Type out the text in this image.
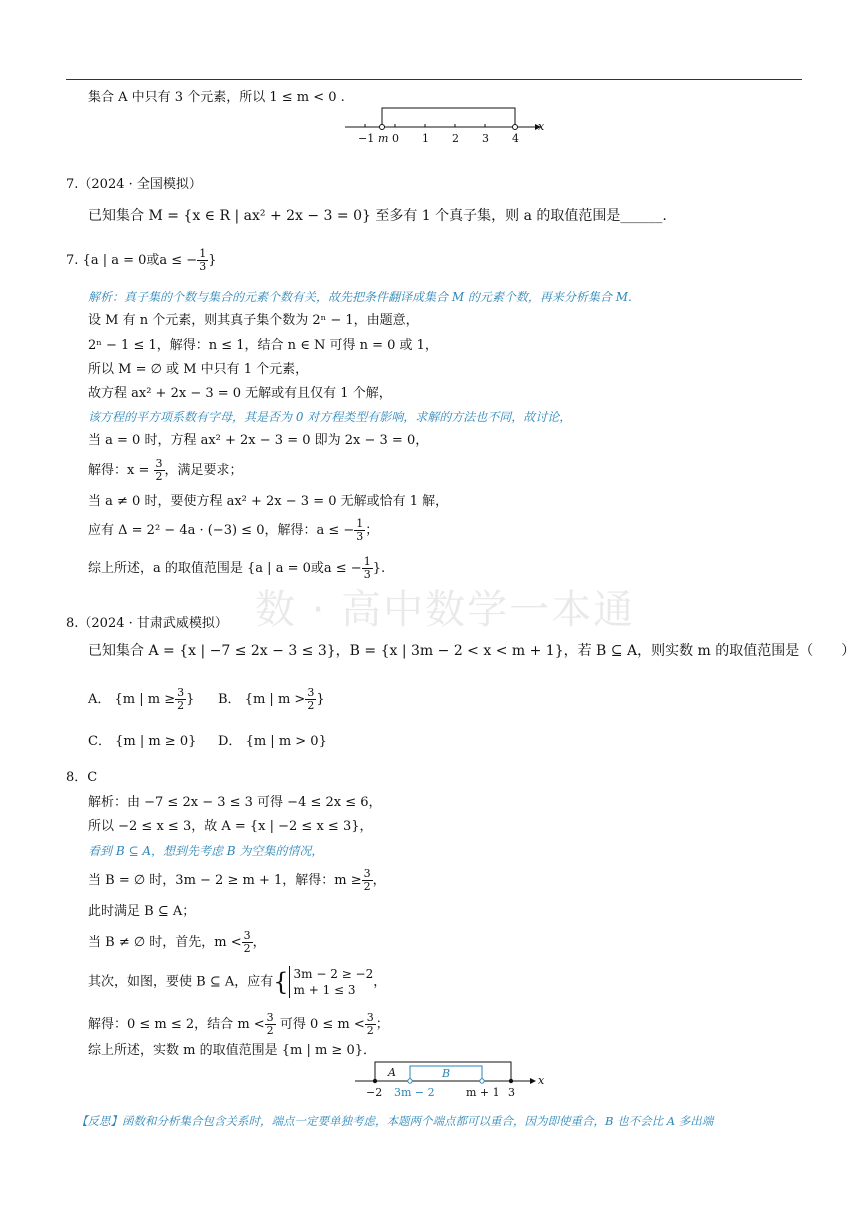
数 · 高中数学一本通
集合 A 中只有 3 个元素，所以 1 ≤ m < 0 .
−1 m 0 1 2 3 4
x
7.（2024 · 全国模拟）
已知集合 M = {x ∈ R | ax² + 2x − 3 = 0} 至多有 1 个真子集，则 a 的取值范围是______.
7. {a | a = 0或a ≤ − $\frac{1}{3}$ }
解析：真子集的个数与集合的元素个数有关，故先把条件翻译成集合 M 的元素个数，再来分析集合 M.
设 M 有 n 个元素，则其真子集个数为 2ⁿ − 1，由题意，
2ⁿ − 1 ≤ 1，解得：n ≤ 1，结合 n ∈ N 可得 n = 0 或 1，
所以 M = ∅ 或 M 中只有 1 个元素，
故方程 ax² + 2x − 3 = 0 无解或有且仅有 1 个解，
该方程的平方项系数有字母，其是否为 0 对方程类型有影响，求解的方法也不同，故讨论，
当 a = 0 时，方程 ax² + 2x − 3 = 0 即为 2x − 3 = 0，
解得：$x = \frac{3}{2}$ ，满足要求；
当 a ≠ 0 时，要使方程 ax² + 2x − 3 = 0 无解或恰有 1 解，
应有 Δ = 2² − 4a · (−3) ≤ 0，解得：a ≤ − $\frac{1}{3}$ ；
综上所述，a 的取值范围是 {a | a = 0或a ≤ − $\frac{1}{3}$ }.
8.（2024 · 甘肃武威模拟）
已知集合 A = {x | −7 ≤ 2x − 3 ≤ 3}，B = {x | 3m − 2 < x < m + 1}，若 B ⊆ A，则实数 m 的取值范围是（　　）
A． {m | $m \ge \frac{3}{2}$ } B． {m | $m > \frac{3}{2}$ }
C． {m | m ≥ 0} D． {m | m > 0}
8．C
解析：由 −7 ≤ 2x − 3 ≤ 3 可得 −4 ≤ 2x ≤ 6，
所以 −2 ≤ x ≤ 3，故 A = {x | −2 ≤ x ≤ 3}，
看到 B ⊆ A，想到先考虑 B 为空集的情况，
当 B = ∅ 时，3m − 2 ≥ m + 1，解得：$m \ge \frac{3}{2}$ ，
此时满足 B ⊆ A；
当 B ≠ ∅ 时，首先，$m < \frac{3}{2}$ ，
其次，如图，要使 B ⊆ A，应有{ 3m − 2 ≥ −2
m + 1 ≤ 3
，
解得：0 ≤ m ≤ 2，结合 $m < \frac{3}{2}$ 可得 $0 \le m < \frac{3}{2}$ ；
综上所述，实数 m 的取值范围是 {m | m ≥ 0}．
A	B
−2 3m − 2	m + 1 3
x
【反思】函数和分析集合包含关系时，端点一定要单独考虑，本题两个端点都可以重合，因为即使重合，B 也不会比 A 多出端
